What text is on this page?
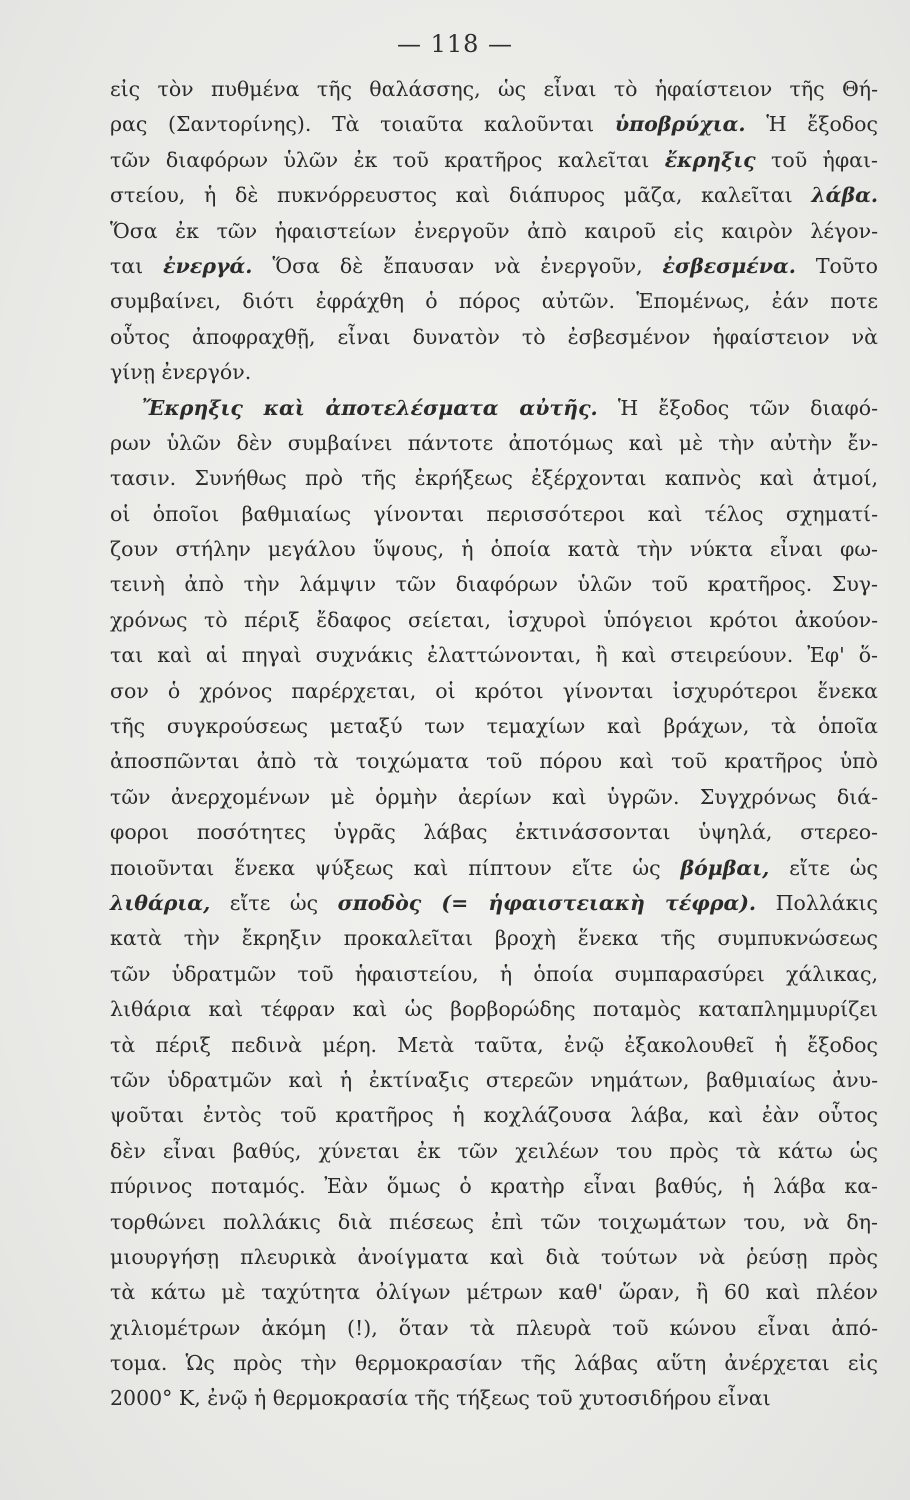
— 118 —
εἰς τὸν πυθμένα τῆς θαλάσσης, ὡς εἶναι τὸ ἡφαίστειον τῆς Θή-
ρας (Σαντορίνης). Τὰ τοιαῦτα καλοῦνται ὑποβρύχια. Ἡ ἔξοδος
τῶν διαφόρων ὑλῶν ἐκ τοῦ κρατῆρος καλεῖται ἔκρηξις τοῦ ἡφαι-
στείου, ἡ δὲ πυκνόρρευστος καὶ διάπυρος μᾶζα, καλεῖται λάβα.
Ὅσα ἐκ τῶν ἡφαιστείων ἐνεργοῦν ἀπὸ καιροῦ εἰς καιρὸν λέγον-
ται ἐνεργά. Ὅσα δὲ ἔπαυσαν νὰ ἐνεργοῦν, ἐσβεσμένα. Τοῦτο
συμβαίνει, διότι ἐφράχθη ὁ πόρος αὐτῶν. Ἑπομένως, ἐάν ποτε
οὗτος ἀποφραχθῇ, εἶναι δυνατὸν τὸ ἐσβεσμένον ἡφαίστειον νὰ
γίνῃ ἐνεργόν.
Ἔκρηξις καὶ ἀποτελέσματα αὐτῆς. Ἡ ἔξοδος τῶν διαφό-
ρων ὑλῶν δὲν συμβαίνει πάντοτε ἀποτόμως καὶ μὲ τὴν αὐτὴν ἔν-
τασιν. Συνήθως πρὸ τῆς ἐκρήξεως ἐξέρχονται καπνὸς καὶ ἀτμοί,
οἱ ὁποῖοι βαθμιαίως γίνονται περισσότεροι καὶ τέλος σχηματί-
ζουν στήλην μεγάλου ὕψους, ἡ ὁποία κατὰ τὴν νύκτα εἶναι φω-
τεινὴ ἀπὸ τὴν λάμψιν τῶν διαφόρων ὑλῶν τοῦ κρατῆρος. Συγ-
χρόνως τὸ πέριξ ἔδαφος σείεται, ἰσχυροὶ ὑπόγειοι κρότοι ἀκούον-
ται καὶ αἱ πηγαὶ συχνάκις ἐλαττώνονται, ἢ καὶ στειρεύουν. Ἐφ' ὅ-
σον ὁ χρόνος παρέρχεται, οἱ κρότοι γίνονται ἰσχυρότεροι ἕνεκα
τῆς συγκρούσεως μεταξύ των τεμαχίων καὶ βράχων, τὰ ὁποῖα
ἀποσπῶνται ἀπὸ τὰ τοιχώματα τοῦ πόρου καὶ τοῦ κρατῆρος ὑπὸ
τῶν ἀνερχομένων μὲ ὁρμὴν ἀερίων καὶ ὑγρῶν. Συγχρόνως διά-
φοροι ποσότητες ὑγρᾶς λάβας ἐκτινάσσονται ὑψηλά, στερεο-
ποιοῦνται ἕνεκα ψύξεως καὶ πίπτουν εἴτε ὡς βόμβαι, εἴτε ὡς
λιθάρια, εἴτε ὡς σποδὸς (= ἡφαιστειακὴ τέφρα). Πολλάκις
κατὰ τὴν ἔκρηξιν προκαλεῖται βροχὴ ἕνεκα τῆς συμπυκνώσεως
τῶν ὑδρατμῶν τοῦ ἡφαιστείου, ἡ ὁποία συμπαρασύρει χάλικας,
λιθάρια καὶ τέφραν καὶ ὡς βορβορώδης ποταμὸς καταπλημμυρίζει
τὰ πέριξ πεδινὰ μέρη. Μετὰ ταῦτα, ἐνῷ ἐξακολουθεῖ ἡ ἔξοδος
τῶν ὑδρατμῶν καὶ ἡ ἐκτίναξις στερεῶν νημάτων, βαθμιαίως ἀνυ-
ψοῦται ἐντὸς τοῦ κρατῆρος ἡ κοχλάζουσα λάβα, καὶ ἐὰν οὗτος
δὲν εἶναι βαθύς, χύνεται ἐκ τῶν χειλέων του πρὸς τὰ κάτω ὡς
πύρινος ποταμός. Ἐὰν ὅμως ὁ κρατὴρ εἶναι βαθύς, ἡ λάβα κα-
τορθώνει πολλάκις διὰ πιέσεως ἐπὶ τῶν τοιχωμάτων του, νὰ δη-
μιουργήσῃ πλευρικὰ ἀνοίγματα καὶ διὰ τούτων νὰ ῥεύσῃ πρὸς
τὰ κάτω μὲ ταχύτητα ὀλίγων μέτρων καθ' ὥραν, ἢ 60 καὶ πλέον
χιλιομέτρων ἀκόμη (!), ὅταν τὰ πλευρὰ τοῦ κώνου εἶναι ἀπό-
τομα. Ὡς πρὸς τὴν θερμοκρασίαν τῆς λάβας αὕτη ἀνέρχεται εἰς
2000° Κ, ἐνῷ ἡ θερμοκρασία τῆς τήξεως τοῦ χυτοσιδήρου εἶναι
